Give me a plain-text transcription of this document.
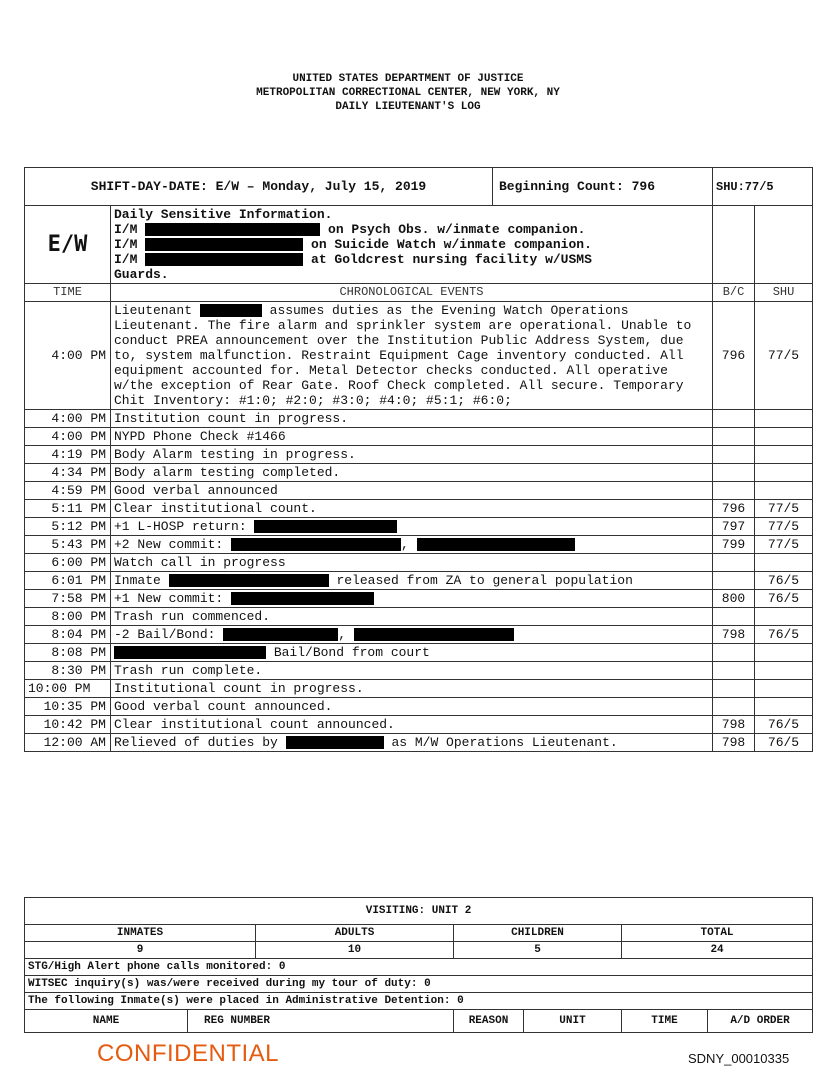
UNITED STATES DEPARTMENT OF JUSTICE
METROPOLITAN CORRECTIONAL CENTER, NEW YORK, NY
DAILY LIEUTENANT'S LOG
SHIFT-DAY-DATE: E/W – Monday, July 15, 2019		Beginning Count: 796	SHU:77/5	
E/W	Daily Sensitive Information.
I/M on Psych Obs. w/inmate companion.
I/M on Suicide Watch w/inmate companion.
I/M at Goldcrest nursing facility w/USMS
Guards.			

TIME	CHRONOLOGICAL EVENTS		B/C	SHU
4:00 PM	Lieutenant assumes duties as the Evening Watch Operations Lieutenant. The fire alarm and sprinkler system are operational. Unable to conduct PREA announcement over the Institution Public Address System, due to, system malfunction. Restraint Equipment Cage inventory conducted. All equipment accounted for. Metal Detector checks conducted. All operative w/the exception of Rear Gate. Roof Check completed. All secure. Temporary Chit Inventory: #1:0; #2:0; #3:0; #4:0; #5:1; #6:0;		796	77/5
4:00 PM	Institution count in progress.			
4:00 PM	NYPD Phone Check #1466			
4:19 PM	Body Alarm testing in progress.			
4:34 PM	Body alarm testing completed.			
4:59 PM	Good verbal announced			
5:11 PM	Clear institutional count.		796	77/5
5:12 PM	+1 L-HOSP return:		797	77/5
5:43 PM	+2 New commit: ,		799	77/5
6:00 PM	Watch call in progress			
6:01 PM	Inmate released from ZA to general population			76/5
7:58 PM	+1 New commit:		800	76/5
8:00 PM	Trash run commenced.			
8:04 PM	-2 Bail/Bond: ,		798	76/5
8:08 PM	Bail/Bond from court			
8:30 PM	Trash run complete.			
10:00 PM	Institutional count in progress.			
10:35 PM	Good verbal count announced.			
10:42 PM	Clear institutional count announced.		798	76/5
12:00 AM	Relieved of duties by as M/W Operations Lieutenant.		798	76/5
VISITING: UNIT 2						
INMATES		ADULTS	CHILDREN		TOTAL	
9		10	5		24	
STG/High Alert phone calls monitored: 0						
WITSEC inquiry(s) was/were received during my tour of duty: 0						
The following Inmate(s) were placed in Administrative Detention: 0						
NAME	REG NUMBER		REASON	UNIT	TIME	A/D ORDER
CONFIDENTIAL	SDNY_00010335
